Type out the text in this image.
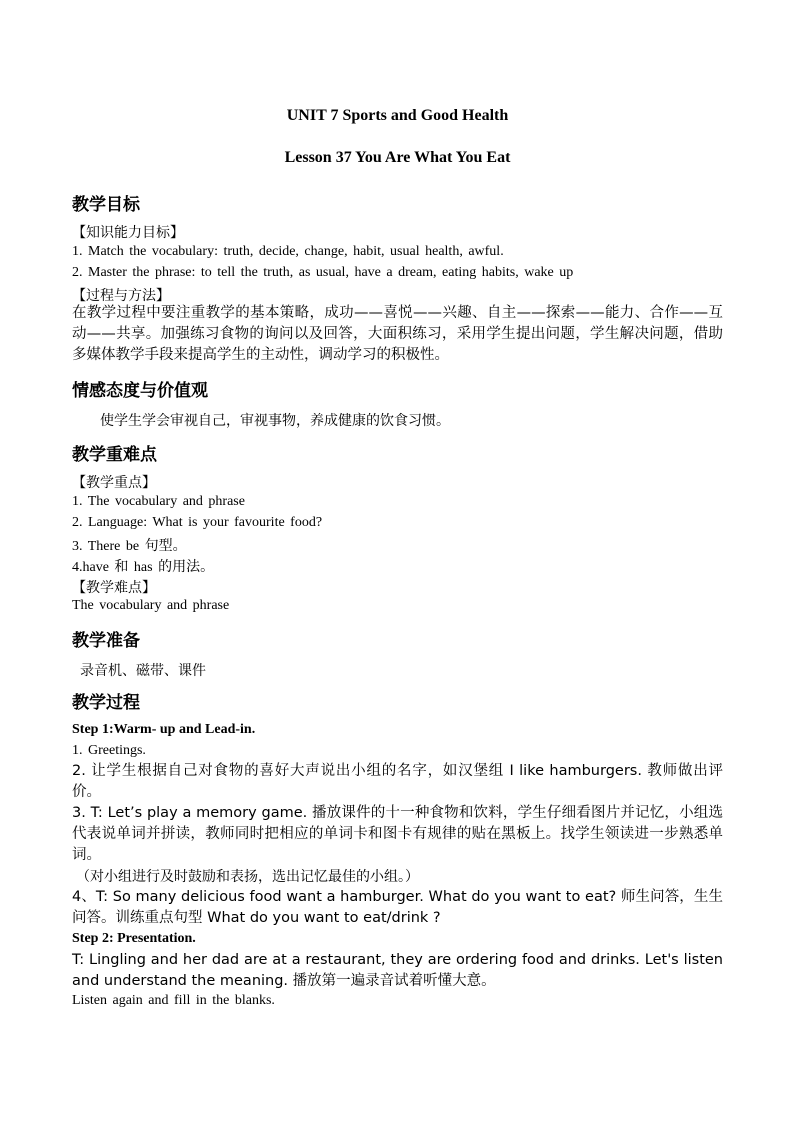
UNIT 7 Sports and Good Health
Lesson 37 You Are What You Eat
教学目标
【知识能力目标】
1. Match the vocabulary: truth, decide, change, habit, usual health, awful.
2. Master the phrase: to tell the truth, as usual, have a dream, eating habits, wake up
【过程与方法】
在教学过程中要注重教学的基本策略，成功——喜悦——兴趣、自主——探索——能力、合作——互动——共享。加强练习食物的询问以及回答，大面积练习，采用学生提出问题，学生解决问题，借助多媒体教学手段来提高学生的主动性，调动学习的积极性。
情感态度与价值观
使学生学会审视自己，审视事物，养成健康的饮食习惯。
教学重难点
【教学重点】
1. The vocabulary and phrase
2. Language: What is your favourite food?
3. There be 句型。
4.have 和 has 的用法。
【教学难点】
The vocabulary and phrase
教学准备
录音机、磁带、课件
教学过程
Step 1:Warm- up and Lead-in.
1. Greetings.
2. 让学生根据自己对食物的喜好大声说出小组的名字，如汉堡组 I like hamburgers. 教师做出评价。
3. T: Let’s play a memory game. 播放课件的十一种食物和饮料，学生仔细看图片并记忆，小组选代表说单词并拼读，教师同时把相应的单词卡和图卡有规律的贴在黑板上。找学生领读进一步熟悉单词。
（对小组进行及时鼓励和表扬，选出记忆最佳的小组。）
4、T: So many delicious food want a hamburger. What do you want to eat? 师生问答，生生问答。训练重点句型 What do you want to eat/drink ?
Step 2: Presentation.
T: Lingling and her dad are at a restaurant, they are ordering food and drinks. Let's listen and understand the meaning. 播放第一遍录音试着听懂大意。
Listen again and fill in the blanks.
